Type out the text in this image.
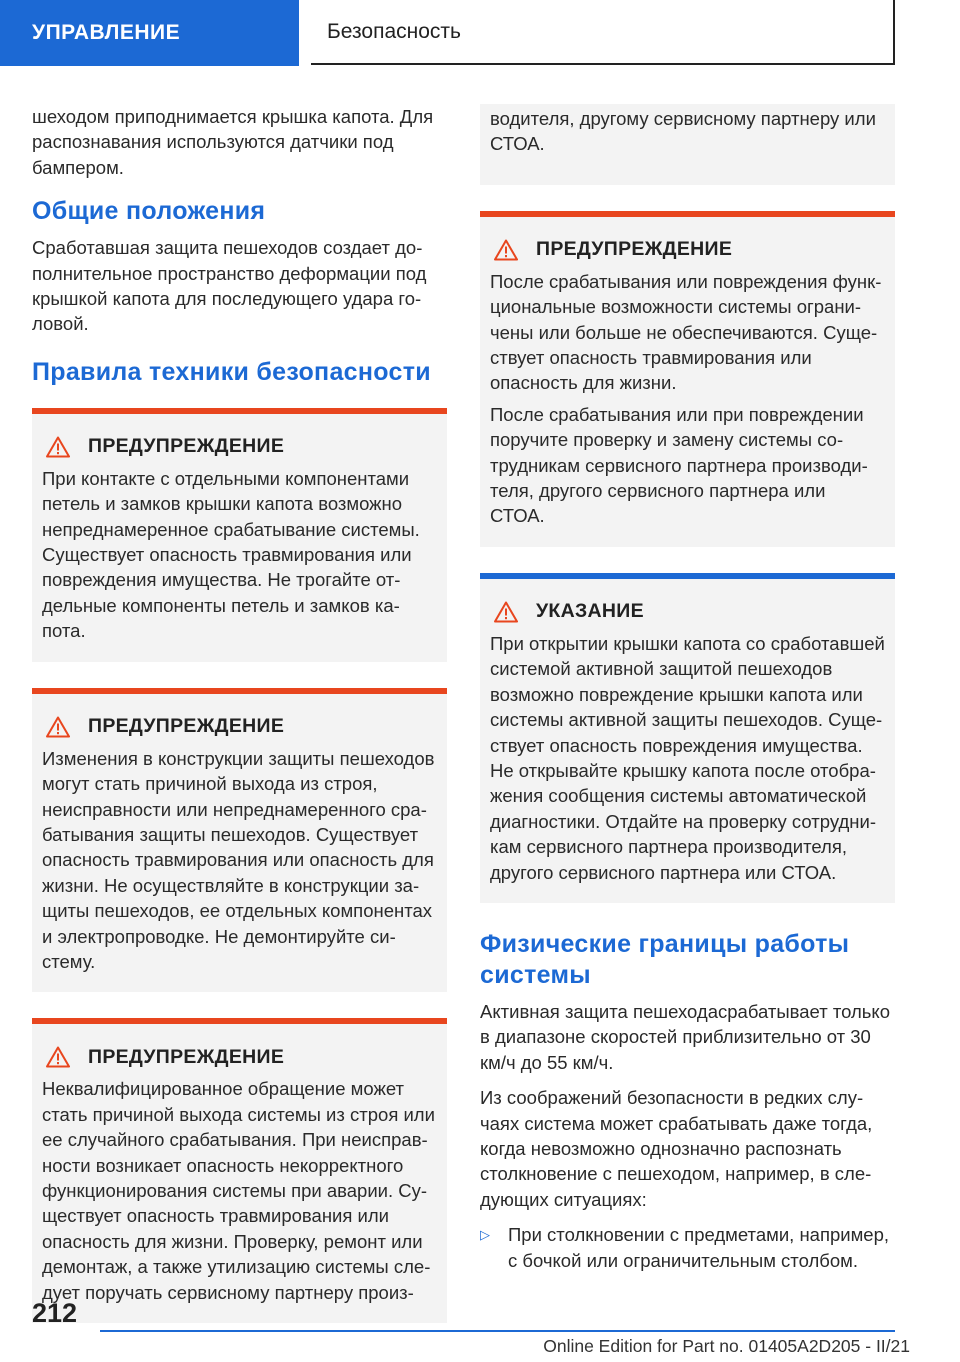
УПРАВЛЕНИЕ	Безопасность

шеходом приподнимается крышка капота. Для распознавания используются датчики под бампером.

Общие положения

Сработавшая защита пешеходов создает дополнительное пространство деформации под крышкой капота для последующего удара головой.

Правила техники безопасности
ПРЕДУПРЕЖДЕНИЕ

При контакте с отдельными компонентами петель и замков крышки капота возможно непреднамеренное срабатывание системы. Существует опасность травмирования или повреждения имущества. Не трогайте отдельные компоненты петель и замков капота.

ПРЕДУПРЕЖДЕНИЕ

Изменения в конструкции защиты пешеходов могут стать причиной выхода из строя, неисправности или непреднамеренного срабатывания защиты пешеходов. Существует опасность травмирования или опасность для жизни. Не осуществляйте в конструкции защиты пешеходов, ее отдельных компонентах и электропроводке. Не демонтируйте систему.

ПРЕДУПРЕЖДЕНИЕ

Неквалифицированное обращение может стать причиной выхода системы из строя или ее случайного срабатывания. При неисправности возникает опасность некорректного функционирования системы при аварии. Существует опасность травмирования или опасность для жизни. Проверку, ремонт или демонтаж, а также утилизацию системы следует поручать сервисному партнеру произ-

водителя, другому сервисному партнеру или СТОА.

ПРЕДУПРЕЖДЕНИЕ

После срабатывания или повреждения функциональные возможности системы ограничены или больше не обеспечиваются. Существует опасность травмирования или опасность для жизни.

После срабатывания или при повреждении поручите проверку и замену системы сотрудникам сервисного партнера производителя, другого сервисного партнера или СТОА.

УКАЗАНИЕ

При открытии крышки капота со сработавшей системой активной защитой пешеходов возможно повреждение крышки капота или системы активной защиты пешеходов. Существует опасность повреждения имущества. Не открывайте крышку капота после отображения сообщения системы автоматической диагностики. Отдайте на проверку сотрудникам сервисного партнера производителя, другого сервисного партнера или СТОА.

Физические границы работы системы

Активная защита пешеходасрабатывает только в диапазоне скоростей приблизительно от 30 км/ч до 55 км/ч.

Из соображений безопасности в редких случаях система может срабатывать даже тогда, когда невозможно однозначно распознать столкновение с пешеходом, например, в следующих ситуациях:

▷ При столкновении с предметами, например, с бочкой или ограничительным столбом.
212
Online Edition for Part no. 01405A2D205 - II/21
